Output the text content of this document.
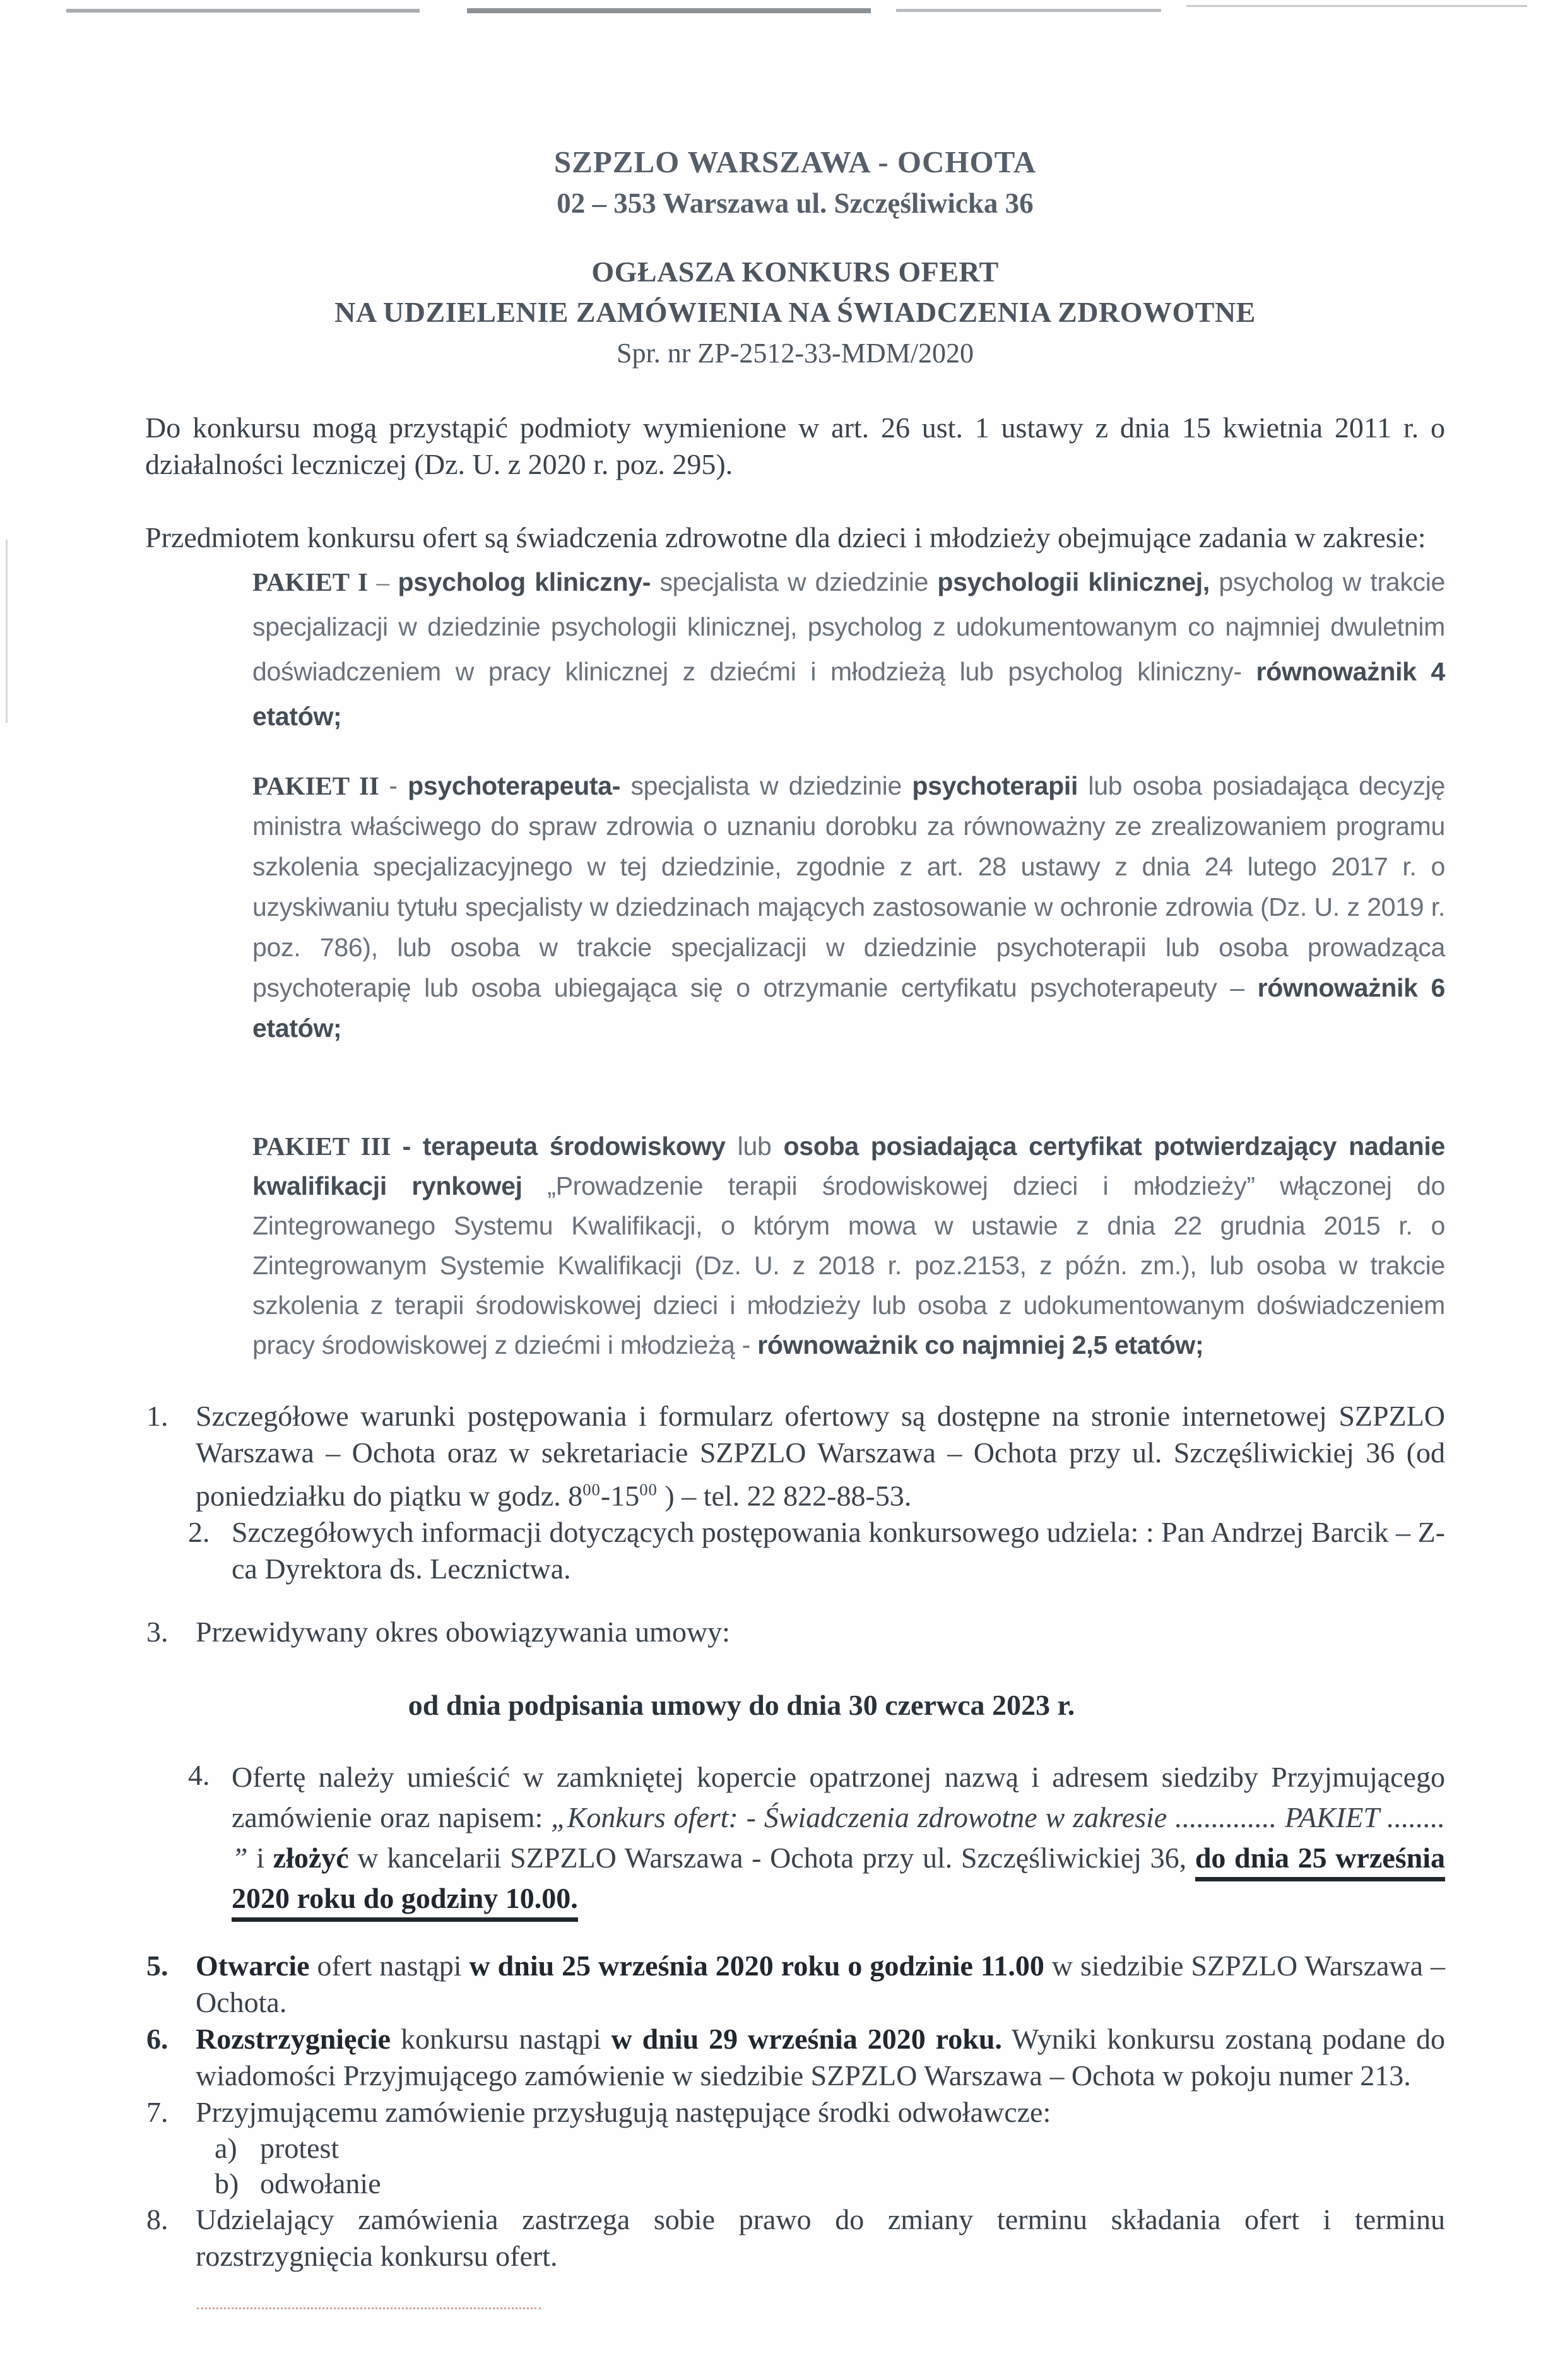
SZPZLO WARSZAWA - OCHOTA
02 – 353 Warszawa ul. Szczęśliwicka 36
OGŁASZA KONKURS OFERT
NA UDZIELENIE ZAMÓWIENIA NA ŚWIADCZENIA ZDROWOTNE
Spr. nr ZP-2512-33-MDM/2020
Do konkursu mogą przystąpić podmioty wymienione w art. 26 ust. 1 ustawy z dnia 15 kwietnia 2011 r. o działalności leczniczej (Dz. U. z 2020 r. poz. 295).
Przedmiotem konkursu ofert są świadczenia zdrowotne dla dzieci i młodzieży obejmujące zadania w zakresie:
PAKIET I – psycholog kliniczny- specjalista w dziedzinie psychologii klinicznej, psycholog w trakcie specjalizacji w dziedzinie psychologii klinicznej, psycholog z udokumentowanym co najmniej dwuletnim doświadczeniem w pracy klinicznej z dziećmi i młodzieżą lub psycholog kliniczny- równoważnik 4 etatów;
PAKIET II - psychoterapeuta- specjalista w dziedzinie psychoterapii lub osoba posiadająca decyzję ministra właściwego do spraw zdrowia o uznaniu dorobku za równoważny ze zrealizowaniem programu szkolenia specjalizacyjnego w tej dziedzinie, zgodnie z art. 28 ustawy z dnia 24 lutego 2017 r. o uzyskiwaniu tytułu specjalisty w dziedzinach mających zastosowanie w ochronie zdrowia (Dz. U. z 2019 r. poz. 786), lub osoba w trakcie specjalizacji w dziedzinie psychoterapii lub osoba prowadząca psychoterapię lub osoba ubiegająca się o otrzymanie certyfikatu psychoterapeuty – równoważnik 6 etatów;
PAKIET III - terapeuta środowiskowy lub osoba posiadająca certyfikat potwierdzający nadanie kwalifikacji rynkowej „Prowadzenie terapii środowiskowej dzieci i młodzieży” włączonej do Zintegrowanego Systemu Kwalifikacji, o którym mowa w ustawie z dnia 22 grudnia 2015 r. o Zintegrowanym Systemie Kwalifikacji (Dz. U. z 2018 r. poz.2153, z późn. zm.), lub osoba w trakcie szkolenia z terapii środowiskowej dzieci i młodzieży lub osoba z udokumentowanym doświadczeniem pracy środowiskowej z dziećmi i młodzieżą - równoważnik co najmniej 2,5 etatów;
1. Szczegółowe warunki postępowania i formularz ofertowy są dostępne na stronie internetowej SZPZLO Warszawa – Ochota oraz w sekretariacie SZPZLO Warszawa – Ochota przy ul. Szczęśliwickiej 36 (od poniedziałku do piątku w godz. $8^{00}-15^{00}$ ) – tel. 22 822-88-53.
2. Szczegółowych informacji dotyczących postępowania konkursowego udziela: : Pan Andrzej Barcik – Z-ca Dyrektora ds. Lecznictwa.
3. Przewidywany okres obowiązywania umowy:
od dnia podpisania umowy do dnia 30 czerwca 2023 r.
4. Ofertę należy umieścić w zamkniętej kopercie opatrzonej nazwą i adresem siedziby Przyjmującego zamówienie oraz napisem: „Konkurs ofert: - Świadczenia zdrowotne w zakresie .............. PAKIET ........ ” i złożyć w kancelarii SZPZLO Warszawa - Ochota przy ul. Szczęśliwickiej 36, do dnia 25 września 2020 roku do godziny 10.00.
5. Otwarcie ofert nastąpi w dniu 25 września 2020 roku o godzinie 11.00 w siedzibie SZPZLO Warszawa – Ochota.
6. Rozstrzygnięcie konkursu nastąpi w dniu 29 września 2020 roku. Wyniki konkursu zostaną podane do wiadomości Przyjmującego zamówienie w siedzibie SZPZLO Warszawa – Ochota w pokoju numer 213.
7. Przyjmującemu zamówienie przysługują następujące środki odwoławcze:
a) protest
b) odwołanie
8. Udzielający zamówienia zastrzega sobie prawo do zmiany terminu składania ofert i terminu rozstrzygnięcia konkursu ofert.
